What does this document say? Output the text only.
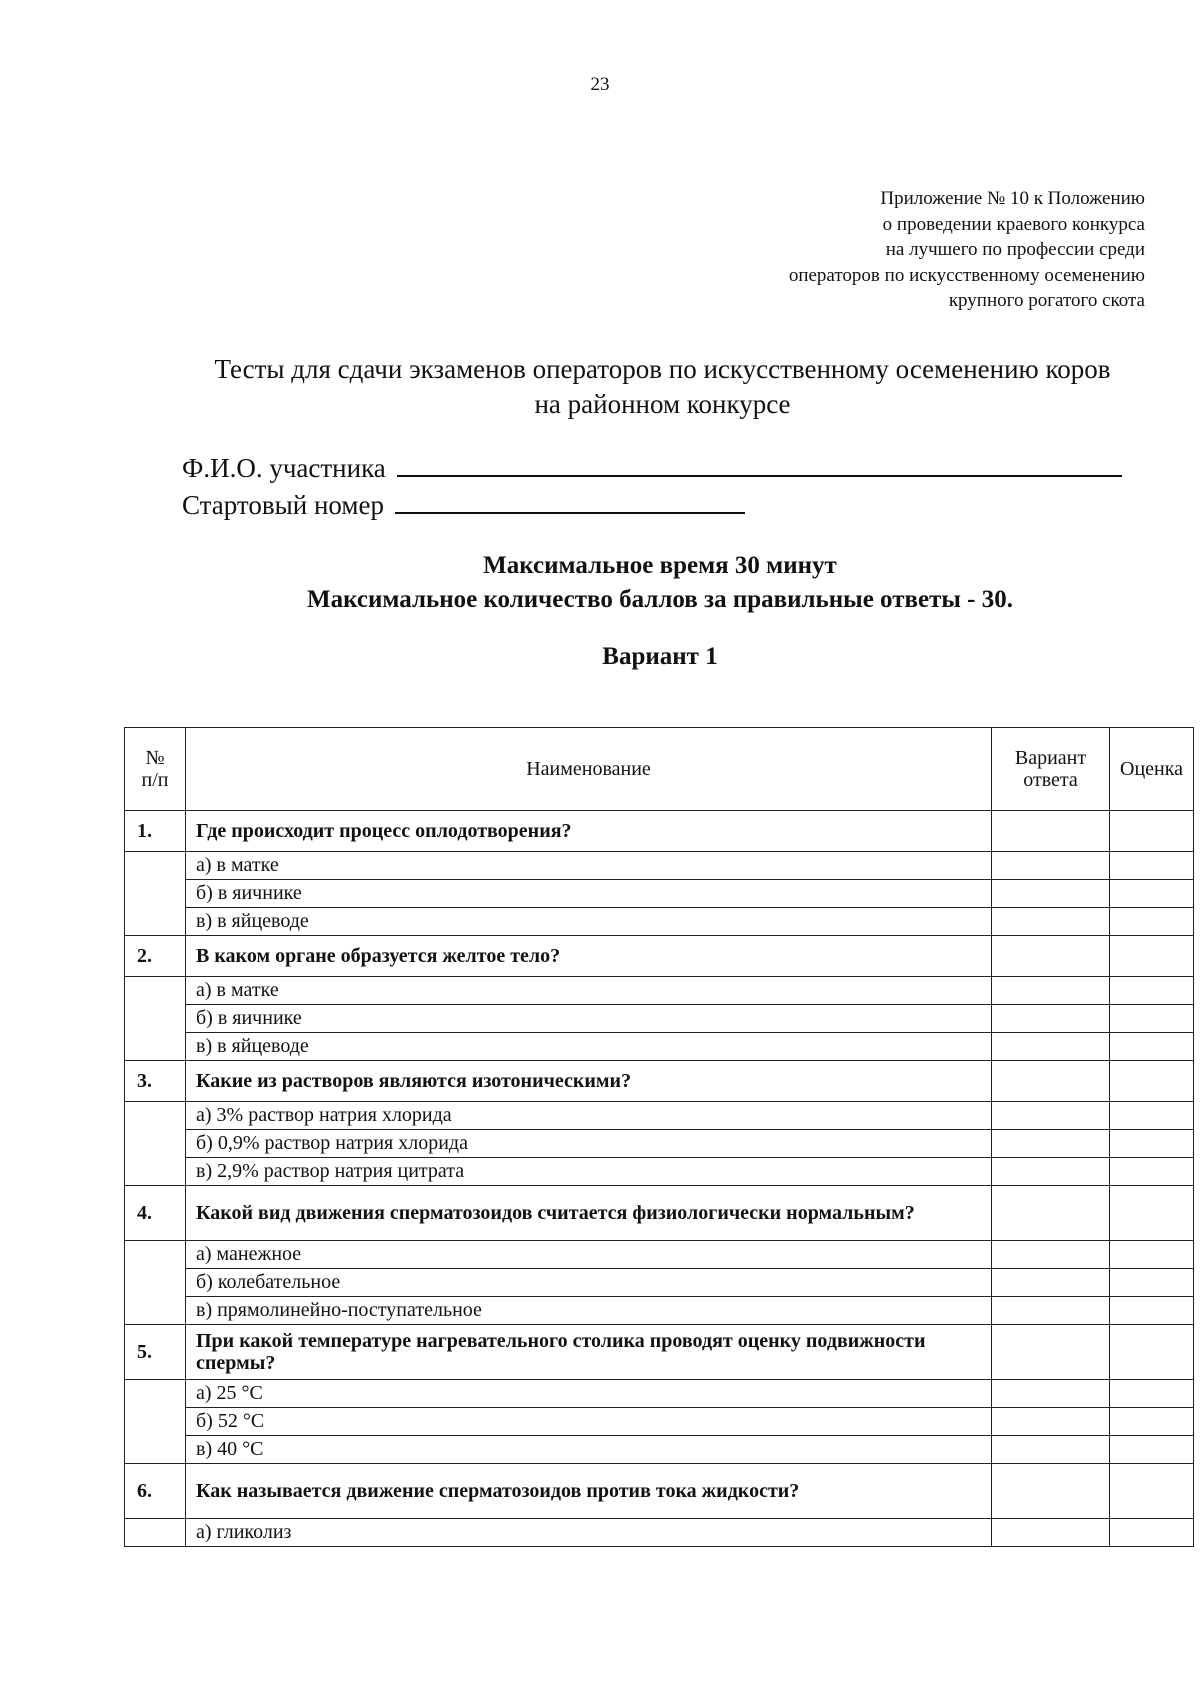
23
Приложение № 10 к Положению
о проведении краевого конкурса
на лучшего по профессии среди
операторов по искусственному осеменению
крупного рогатого скота
Тесты для сдачи экзаменов операторов по искусственному осеменению коров
на районном конкурсе
Ф.И.О. участника
Стартовый номер
Максимальное время 30 минут
Максимальное количество баллов за правильные ответы - 30.
Вариант 1
№ п/п	Наименование	Вариант ответа	Оценка
1.	Где происходит процесс оплодотворения?		
	а) в матке		
	б) в яичнике		
	в) в яйцеводе		
2.	В каком органе образуется желтое тело?		
	а) в матке		
	б) в яичнике		
	в) в яйцеводе		
3.	Какие из растворов являются изотоническими?		
	а) 3% раствор натрия хлорида		
	б) 0,9% раствор натрия хлорида		
	в) 2,9% раствор натрия цитрата		
4.	Какой вид движения сперматозоидов считается физиологически нормальным?		
	а) манежное		
	б) колебательное		
	в) прямолинейно-поступательное		
5.	При какой температуре нагревательного столика проводят оценку подвижности спермы?		
	а) 25 °С		
	б) 52 °С		
	в) 40 °С		
6.	Как называется движение сперматозоидов против тока жидкости?		
	а) гликолиз		
